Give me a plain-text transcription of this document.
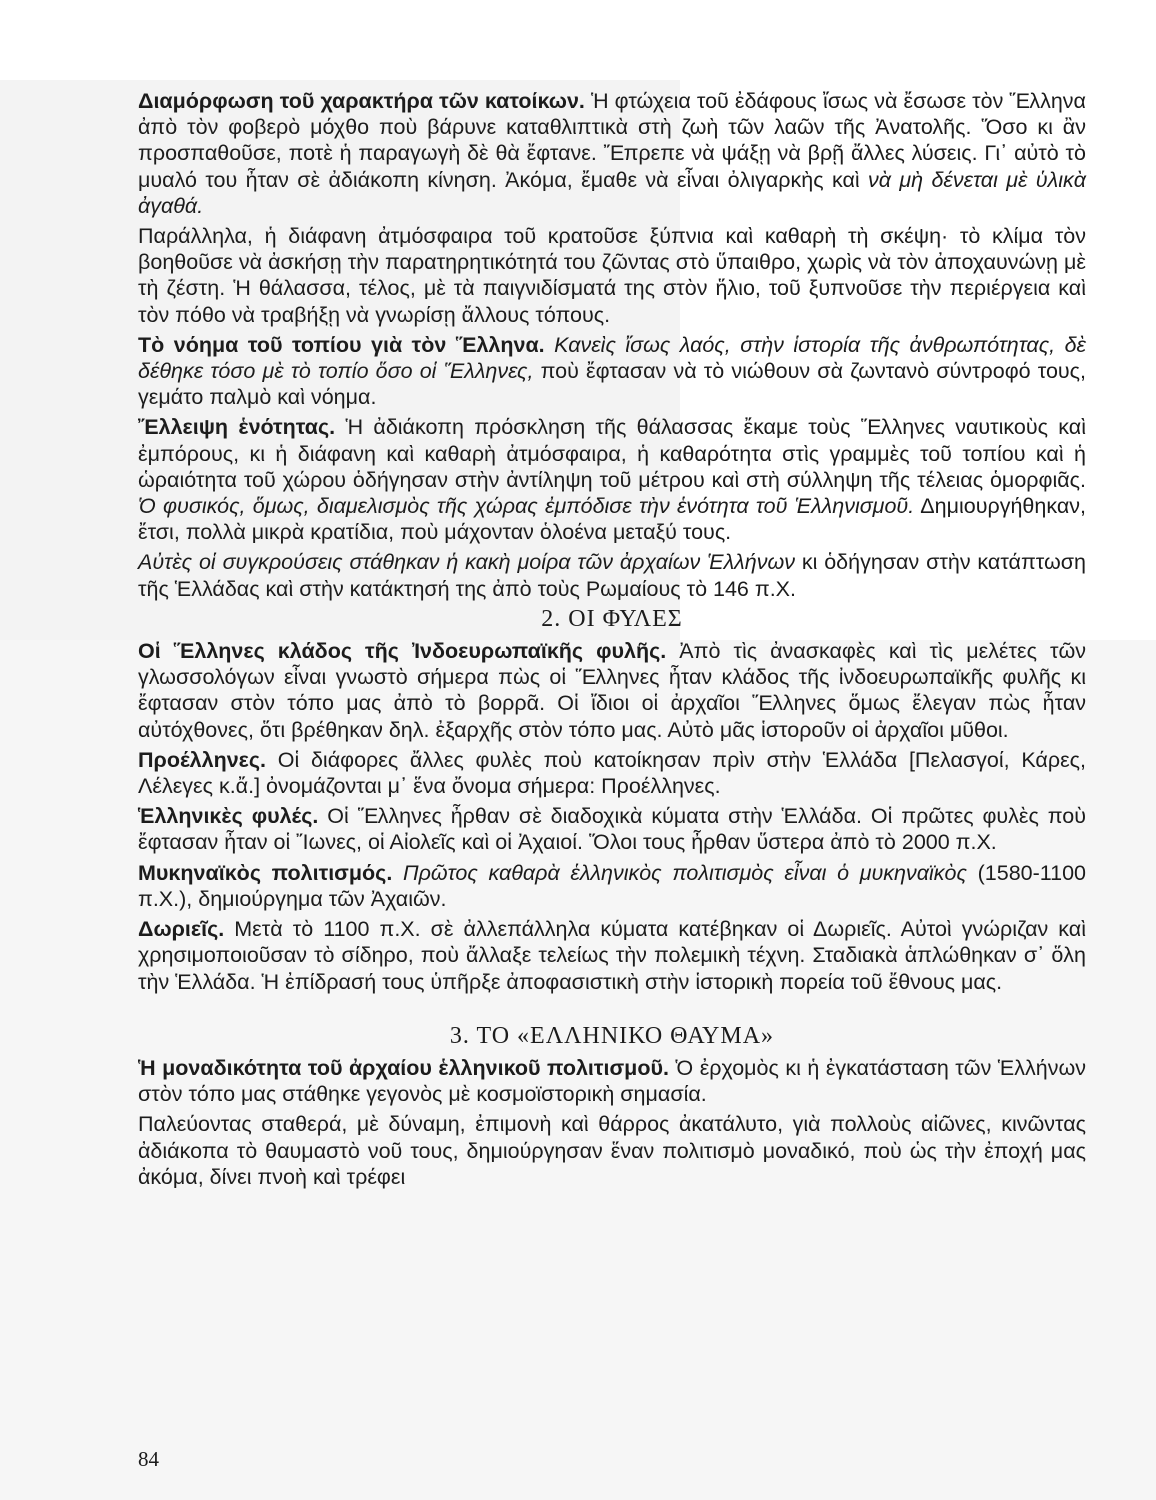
Διαμόρφωση τοῦ χαρακτήρα τῶν κατοίκων. Ἡ φτώχεια τοῦ ἐδάφους ἴσως νὰ ἔσωσε τὸν Ἕλληνα ἀπὸ τὸν φοβερὸ μόχθο ποὺ βάρυνε καταθλιπτικὰ στὴ ζωὴ τῶν λαῶν τῆς Ἀνατολῆς. Ὅσο κι ἂν προσπαθοῦσε, ποτὲ ἡ παραγωγὴ δὲ θὰ ἔφτανε. Ἔπρεπε νὰ ψάξῃ νὰ βρῇ ἄλλες λύσεις. Γι᾽ αὐτὸ τὸ μυαλό του ἦταν σὲ ἀδιάκοπη κίνηση. Ἀκόμα, ἔμαθε νὰ εἶναι ὀλιγαρκὴς καὶ νὰ μὴ δένεται μὲ ὑλικὰ ἀγαθά.

Παράλληλα, ἡ διάφανη ἀτμόσφαιρα τοῦ κρατοῦσε ξύπνια καὶ καθαρὴ τὴ σκέψη· τὸ κλίμα τὸν βοηθοῦσε νὰ ἀσκήσῃ τὴν παρατηρητικότητά του ζῶντας στὸ ὕπαιθρο, χωρὶς νὰ τὸν ἀποχαυνώνῃ μὲ τὴ ζέστη. Ἡ θάλασσα, τέλος, μὲ τὰ παιγνιδίσματά της στὸν ἥλιο, τοῦ ξυπνοῦσε τὴν περιέργεια καὶ τὸν πόθο νὰ τραβήξῃ νὰ γνωρίσῃ ἄλλους τόπους.

Τὸ νόημα τοῦ τοπίου γιὰ τὸν Ἕλληνα. Κανεὶς ἴσως λαός, στὴν ἱστορία τῆς ἀνθρωπότητας, δὲ δέθηκε τόσο μὲ τὸ τοπίο ὅσο οἱ Ἕλληνες, ποὺ ἔφτασαν νὰ τὸ νιώθουν σὰ ζωντανὸ σύντροφό τους, γεμάτο παλμὸ καὶ νόημα.

Ἔλλειψη ἑνότητας. Ἡ ἀδιάκοπη πρόσκληση τῆς θάλασσας ἔκαμε τοὺς Ἕλληνες ναυτικοὺς καὶ ἐμπόρους, κι ἡ διάφανη καὶ καθαρὴ ἀτμόσφαιρα, ἡ καθαρότητα στὶς γραμμὲς τοῦ τοπίου καὶ ἡ ὡραιότητα τοῦ χώρου ὁδήγησαν στὴν ἀντίληψη τοῦ μέτρου καὶ στὴ σύλληψη τῆς τέλειας ὁμορφιᾶς. Ὁ φυσικός, ὅμως, διαμελισμὸς τῆς χώρας ἐμπόδισε τὴν ἑνότητα τοῦ Ἑλληνισμοῦ. Δημιουργήθηκαν, ἔτσι, πολλὰ μικρὰ κρατίδια, ποὺ μάχονταν ὁλοένα μεταξύ τους.

Αὐτὲς οἱ συγκρούσεις στάθηκαν ἡ κακὴ μοίρα τῶν ἀρχαίων Ἑλλήνων κι ὁδήγησαν στὴν κατάπτωση τῆς Ἑλλάδας καὶ στὴν κατάκτησή της ἀπὸ τοὺς Ρωμαίους τὸ 146 π.Χ.

2. ΟΙ ΦΥΛΕΣ

Οἱ Ἕλληνες κλάδος τῆς Ἰνδοευρωπαϊκῆς φυλῆς. Ἀπὸ τὶς ἀνασκαφὲς καὶ τὶς μελέτες τῶν γλωσσολόγων εἶναι γνωστὸ σήμερα πὼς οἱ Ἕλληνες ἦταν κλάδος τῆς ἰνδοευρωπαϊκῆς φυλῆς κι ἔφτασαν στὸν τόπο μας ἀπὸ τὸ βορρᾶ. Οἱ ἴδιοι οἱ ἀρχαῖοι Ἕλληνες ὅμως ἔλεγαν πὼς ἦταν αὐτόχθονες, ὅτι βρέθηκαν δηλ. ἐξαρχῆς στὸν τόπο μας. Αὐτὸ μᾶς ἱστοροῦν οἱ ἀρχαῖοι μῦθοι.

Προέλληνες. Οἱ διάφορες ἄλλες φυλὲς ποὺ κατοίκησαν πρὶν στὴν Ἑλλάδα [Πελασγοί, Κάρες, Λέλεγες κ.ἄ.] ὀνομάζονται μ᾽ ἕνα ὄνομα σήμερα: Προέλληνες.

Ἑλληνικὲς φυλές. Οἱ Ἕλληνες ἦρθαν σὲ διαδοχικὰ κύματα στὴν Ἑλλάδα. Οἱ πρῶτες φυλὲς ποὺ ἔφτασαν ἦταν οἱ Ἴωνες, οἱ Αἰολεῖς καὶ οἱ Ἀχαιοί. Ὅλοι τους ἦρθαν ὕστερα ἀπὸ τὸ 2000 π.Χ.

Μυκηναϊκὸς πολιτισμός. Πρῶτος καθαρὰ ἑλληνικὸς πολιτισμὸς εἶναι ὁ μυκηναϊκὸς (1580-1100 π.Χ.), δημιούργημα τῶν Ἀχαιῶν.

Δωριεῖς. Μετὰ τὸ 1100 π.Χ. σὲ ἀλλεπάλληλα κύματα κατέβηκαν οἱ Δωριεῖς. Αὐτοὶ γνώριζαν καὶ χρησιμοποιοῦσαν τὸ σίδηρο, ποὺ ἄλλαξε τελείως τὴν πολεμικὴ τέχνη. Σταδιακὰ ἁπλώθηκαν σ᾽ ὅλη τὴν Ἑλλάδα. Ἡ ἐπίδρασή τους ὑπῆρξε ἀποφασιστικὴ στὴν ἱστορικὴ πορεία τοῦ ἔθνους μας.

3. ΤΟ «ΕΛΛΗΝΙΚΟ ΘΑΥΜΑ»

Ἡ μοναδικότητα τοῦ ἀρχαίου ἑλληνικοῦ πολιτισμοῦ. Ὁ ἐρχομὸς κι ἡ ἐγκατάσταση τῶν Ἑλλήνων στὸν τόπο μας στάθηκε γεγονὸς μὲ κοσμοϊστορικὴ σημασία.

Παλεύοντας σταθερά, μὲ δύναμη, ἐπιμονὴ καὶ θάρρος ἀκατάλυτο, γιὰ πολλοὺς αἰῶνες, κινῶντας ἀδιάκοπα τὸ θαυμαστὸ νοῦ τους, δημιούργησαν ἕναν πολιτισμὸ μοναδικό, ποὺ ὡς τὴν ἐποχή μας ἀκόμα, δίνει πνοὴ καὶ τρέφει

84
